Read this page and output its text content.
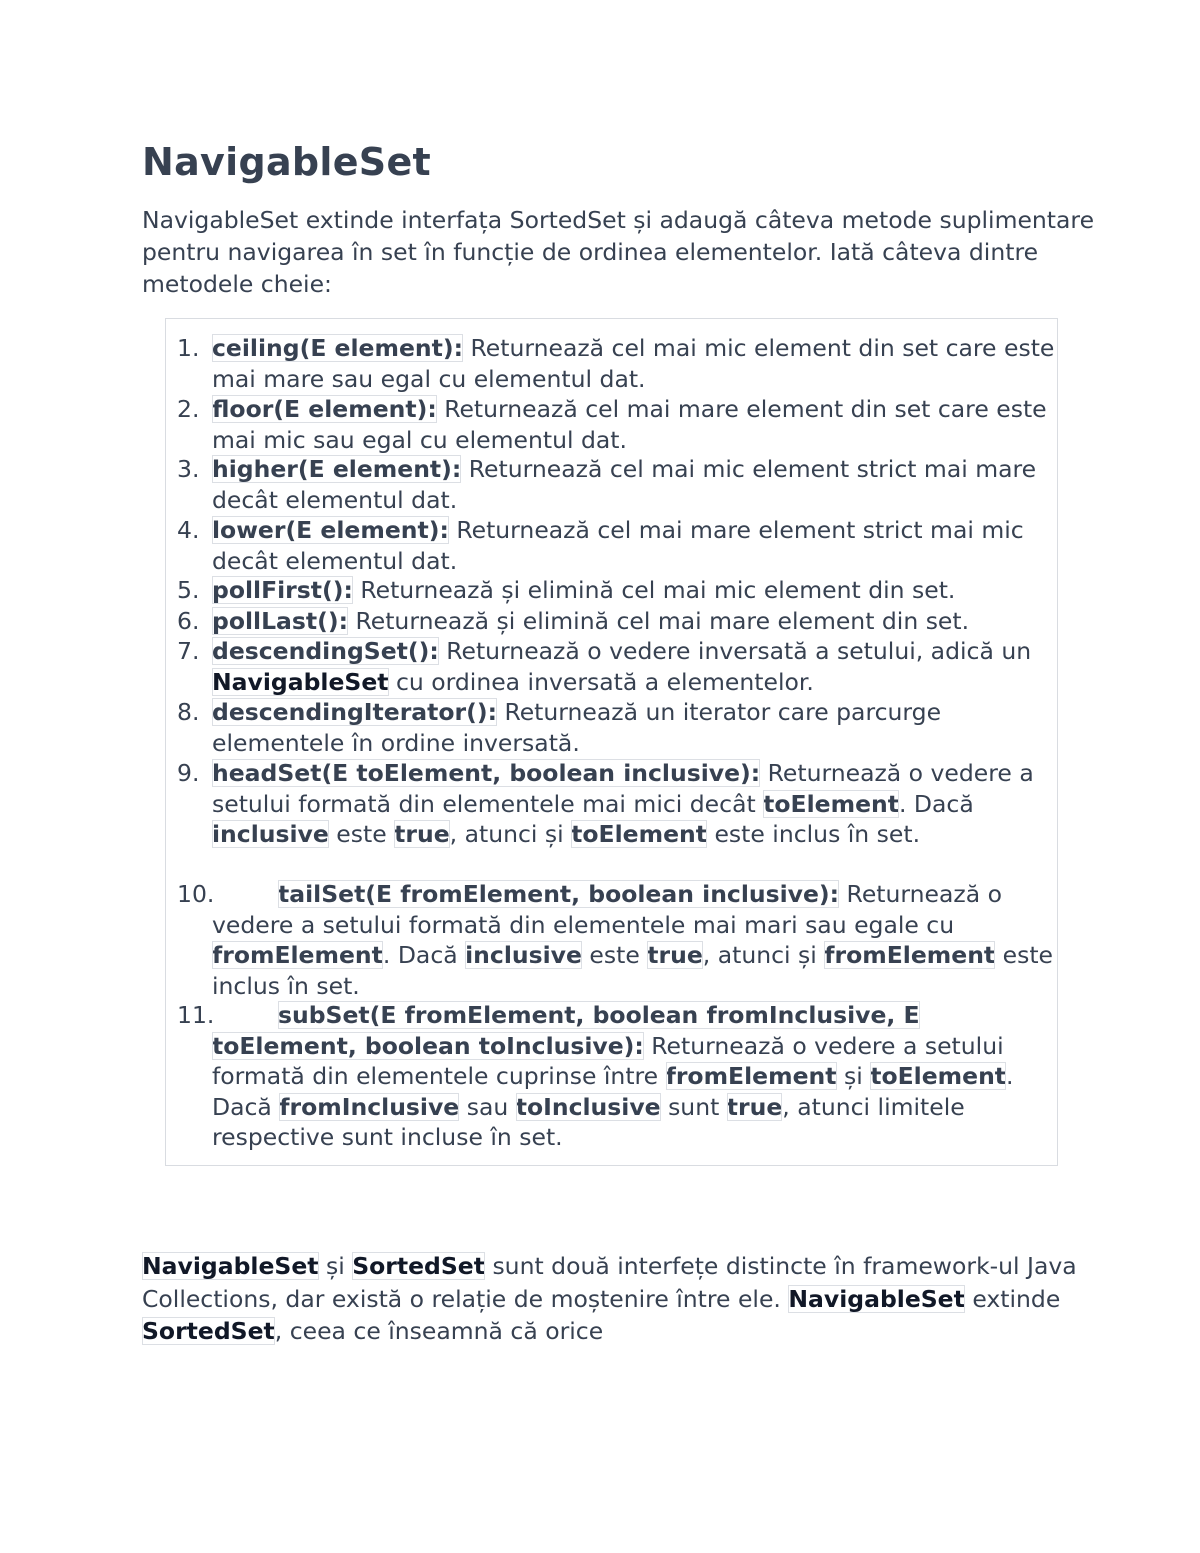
NavigableSet

NavigableSet extinde interfața SortedSet și adaugă câteva metode suplimentare pentru navigarea în set în funcție de ordinea elementelor. Iată câteva dintre metodele cheie:

1. ceiling(E element): Returnează cel mai mic element din set care este mai mare sau egal cu elementul dat.
2. floor(E element): Returnează cel mai mare element din set care este mai mic sau egal cu elementul dat.
3. higher(E element): Returnează cel mai mic element strict mai mare decât elementul dat.
4. lower(E element): Returnează cel mai mare element strict mai mic decât elementul dat.
5. pollFirst(): Returnează și elimină cel mai mic element din set.
6. pollLast(): Returnează și elimină cel mai mare element din set.
7. descendingSet(): Returnează o vedere inversată a setului, adică un NavigableSet cu ordinea inversată a elementelor.
8. descendingIterator(): Returnează un iterator care parcurge elementele în ordine inversată.
9. headSet(E toElement, boolean inclusive): Returnează o vedere a setului formată din elementele mai mici decât toElement. Dacă inclusive este true, atunci și toElement este inclus în set.
10.	tailSet(E fromElement, boolean inclusive): Returnează o vedere a setului formată din elementele mai mari sau egale cu fromElement. Dacă inclusive este true, atunci și fromElement este inclus în set.
11.	subSet(E fromElement, boolean fromInclusive, E toElement, boolean toInclusive): Returnează o vedere a setului formată din elementele cuprinse între fromElement și toElement. Dacă fromInclusive sau toInclusive sunt true, atunci limitele respective sunt incluse în set.

NavigableSet și SortedSet sunt două interfețe distincte în framework-ul Java Collections, dar există o relație de moștenire între ele. NavigableSet extinde SortedSet, ceea ce înseamnă că orice
